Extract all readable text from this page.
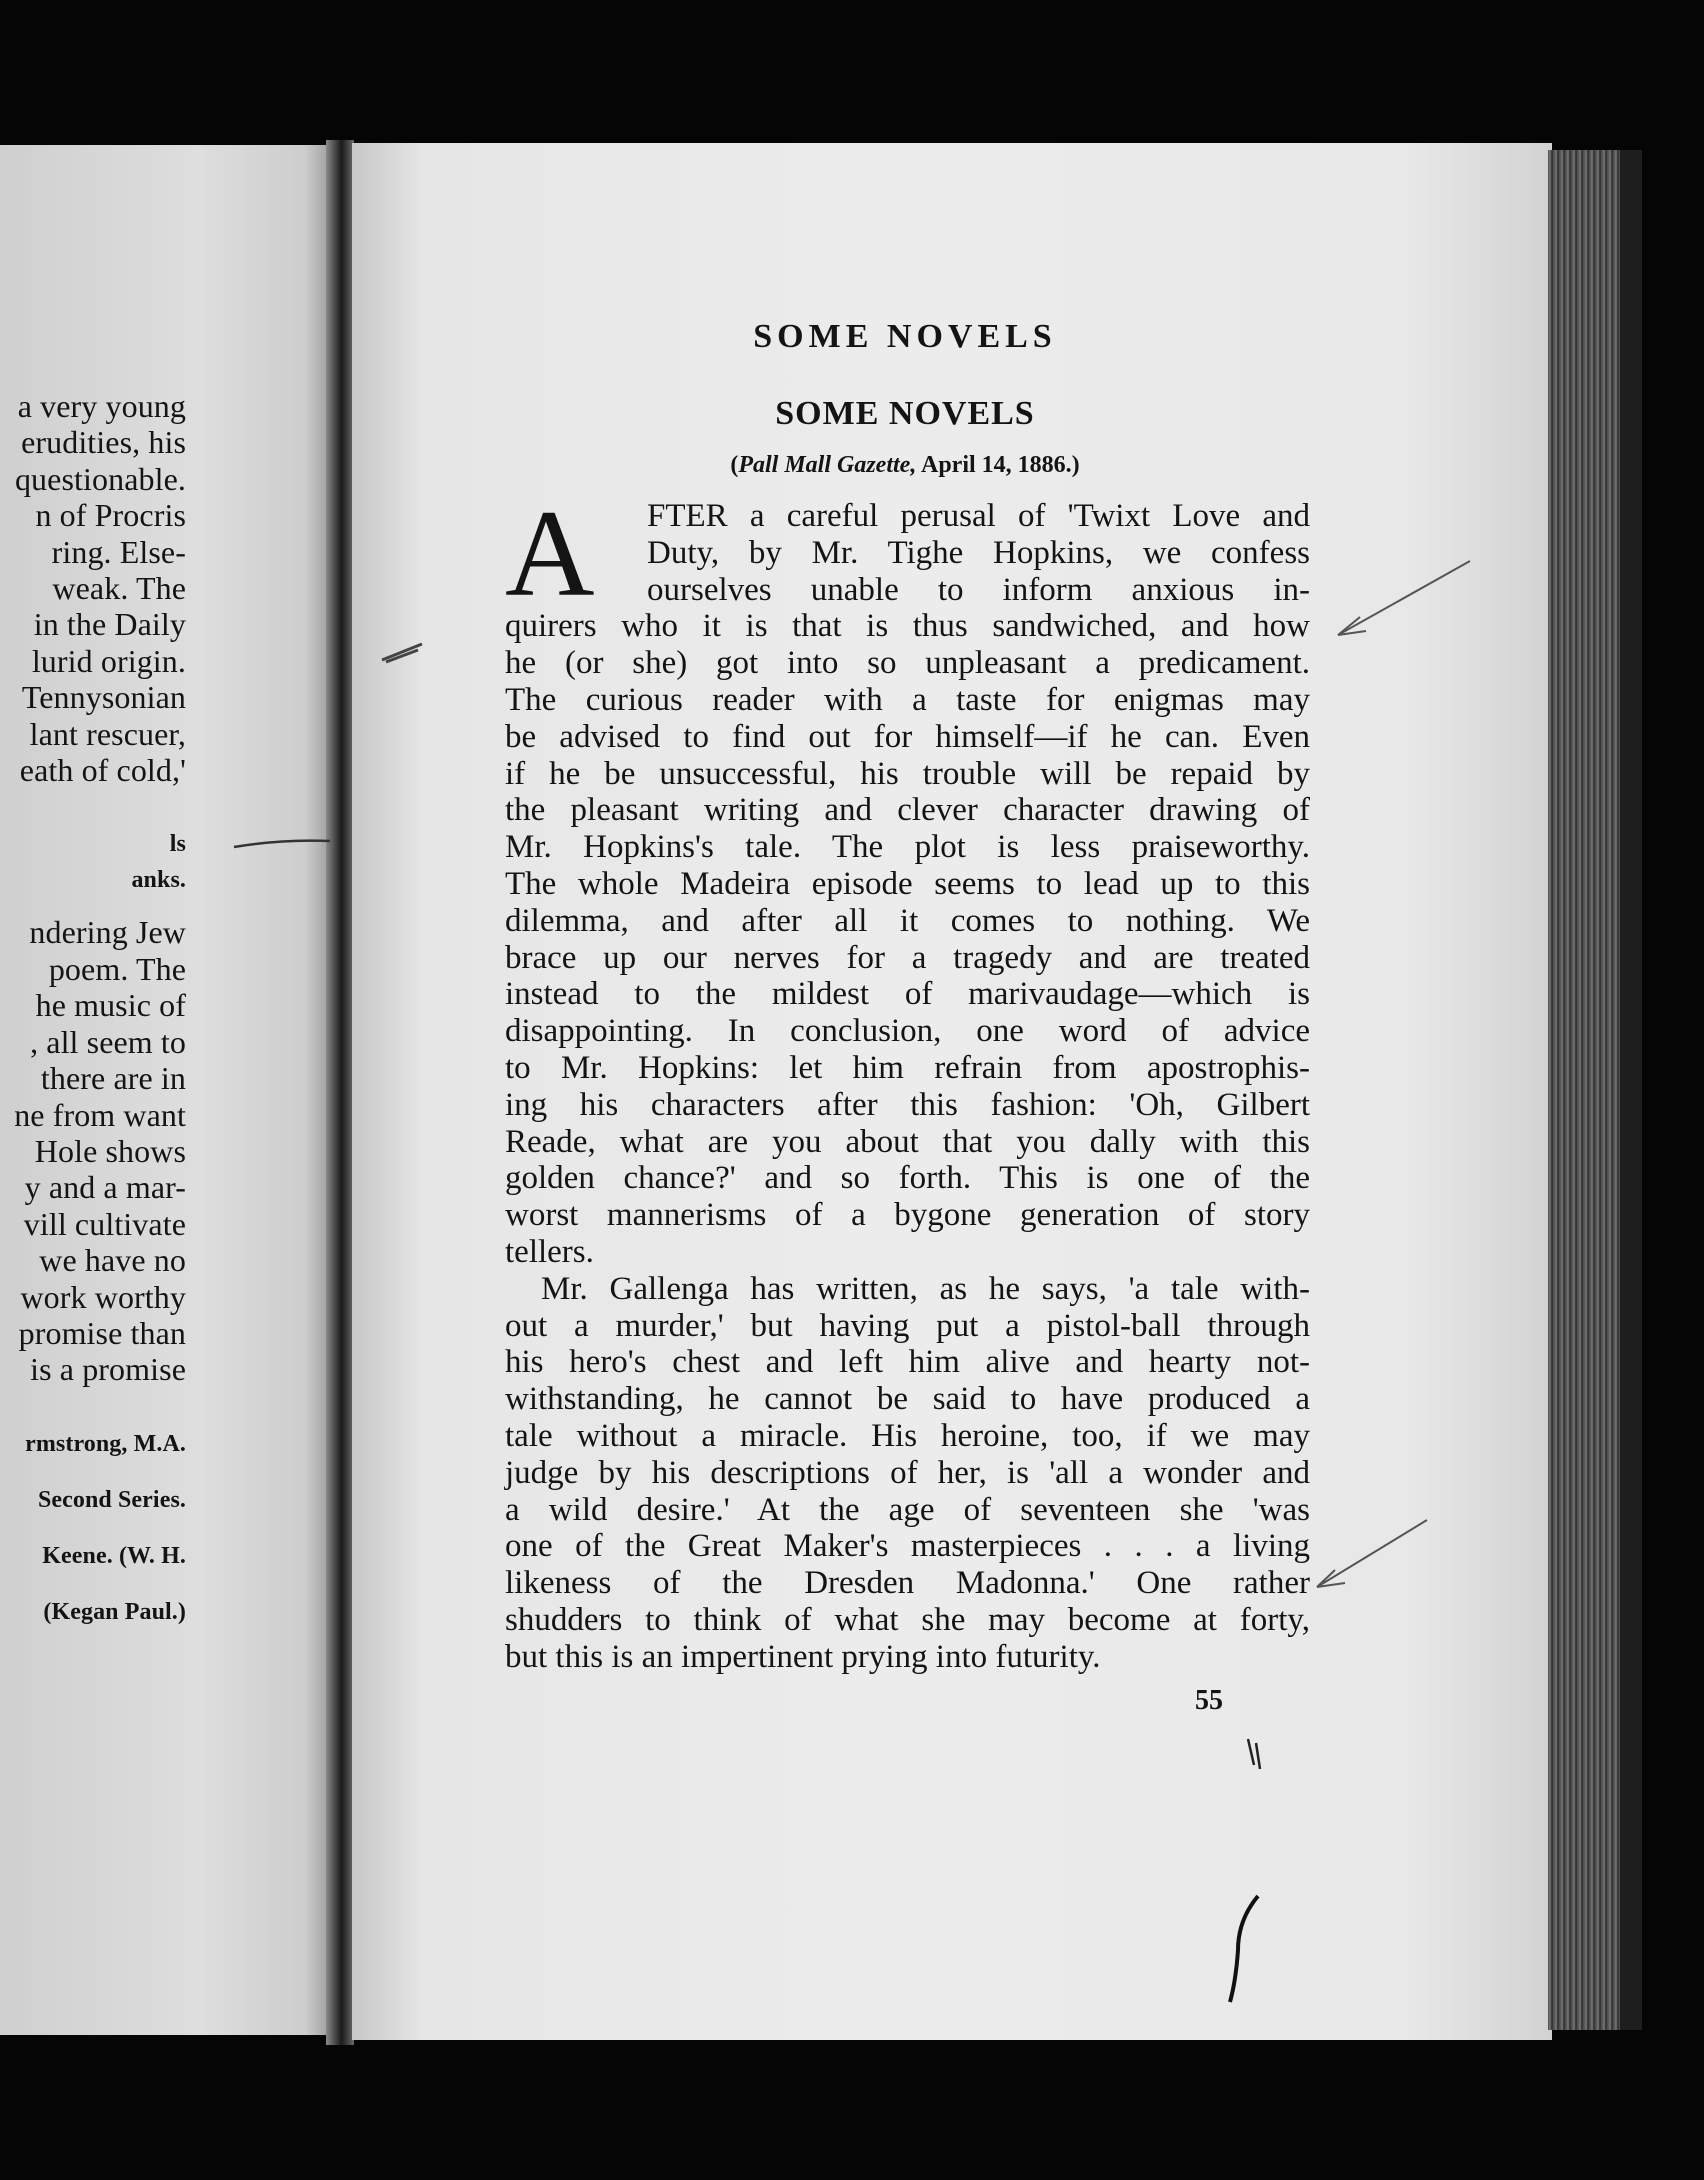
a very young
erudities, his
questionable.
n of Procris
ring. Else-
weak. The
in the Daily
lurid origin.
Tennysonian
lant rescuer,
eath of cold,'
ls
anks.
ndering Jew
poem. The
he music of
, all seem to
there are in
ne from want
Hole shows
y and a mar-
vill cultivate
we have no
work worthy
promise than
is a promise
rmstrong, M.A.
Second Series.
Keene. (W. H.
(Kegan Paul.)
SOME NOVELS
SOME NOVELS
(Pall Mall Gazette, April 14, 1886.)
A	FTER a careful perusal of 'Twixt Love and
Duty, by Mr. Tighe Hopkins, we confess
ourselves unable to inform anxious in-
quirers who it is that is thus sandwiched, and how
he (or she) got into so unpleasant a predicament.
The curious reader with a taste for enigmas may
be advised to find out for himself—if he can. Even
if he be unsuccessful, his trouble will be repaid by
the pleasant writing and clever character drawing of
Mr. Hopkins's tale. The plot is less praiseworthy.
The whole Madeira episode seems to lead up to this
dilemma, and after all it comes to nothing. We
brace up our nerves for a tragedy and are treated
instead to the mildest of marivaudage—which is
disappointing. In conclusion, one word of advice
to Mr. Hopkins: let him refrain from apostrophis-
ing his characters after this fashion: 'Oh, Gilbert
Reade, what are you about that you dally with this
golden chance?' and so forth. This is one of the
worst mannerisms of a bygone generation of story
tellers.
Mr. Gallenga has written, as he says, 'a tale with-
out a murder,' but having put a pistol-ball through
his hero's chest and left him alive and hearty not-
withstanding, he cannot be said to have produced a
tale without a miracle. His heroine, too, if we may
judge by his descriptions of her, is 'all a wonder and
a wild desire.' At the age of seventeen she 'was
one of the Great Maker's masterpieces . . . a living
likeness of the Dresden Madonna.' One rather
shudders to think of what she may become at forty,
but this is an impertinent prying into futurity.
55
